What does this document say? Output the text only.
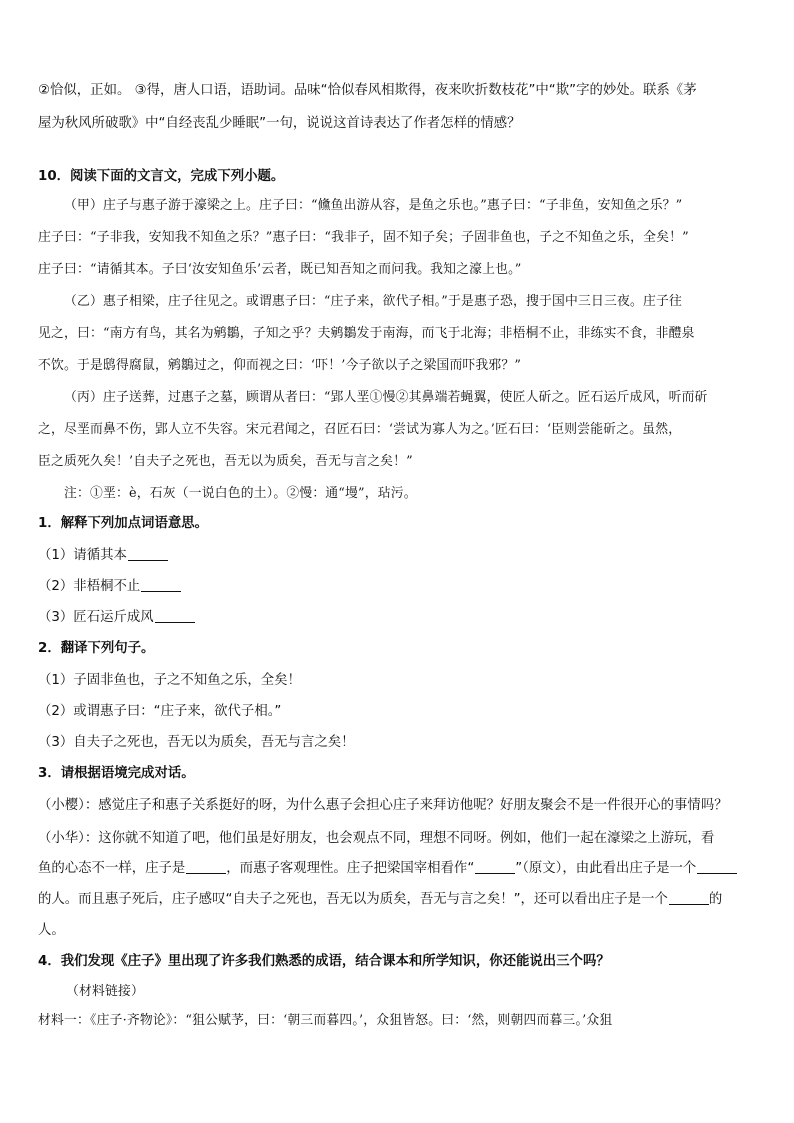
②恰似，正如。 ③得，唐人口语，语助词。品味“恰似春风相欺得，夜来吹折数枝花”中“欺”字的妙处。联系《茅
屋为秋风所破歌》中“自经丧乱少睡眠”一句，说说这首诗表达了作者怎样的情感？
10．阅读下面的文言文，完成下列小题。
（甲）庄子与惠子游于濠梁之上。庄子曰：“儵鱼出游从容，是鱼之乐也。”惠子曰：“子非鱼，安知鱼之乐？”
庄子曰：“子非我，安知我不知鱼之乐？”惠子曰：“我非子，固不知子矣；子固非鱼也，子之不知鱼之乐，全矣！”
庄子曰：“请循其本。子曰‘汝安知鱼乐’云者，既已知吾知之而问我。我知之濠上也。”
（乙）惠子相梁，庄子往见之。或谓惠子曰：“庄子来，欲代子相。”于是惠子恐，搜于国中三日三夜。庄子往
见之，曰：“南方有鸟，其名为鹓鶵，子知之乎？夫鹓鶵发于南海，而飞于北海；非梧桐不止，非练实不食，非醴泉
不饮。于是鸱得腐鼠，鹓鶵过之，仰而视之曰：‘吓！’今子欲以子之梁国而吓我邪？”
（丙）庄子送葬，过惠子之墓，顾谓从者曰：“郢人垩①慢②其鼻端若蝇翼，使匠人斫之。匠石运斤成风，听而斫
之，尽垩而鼻不伤，郢人立不失容。宋元君闻之，召匠石曰：‘尝试为寡人为之。’匠石曰：‘臣则尝能斫之。虽然，
臣之质死久矣！’自夫子之死也，吾无以为质矣，吾无与言之矣！”
注：①垩：è，石灰（一说白色的土）。②慢：通“墁”，玷污。
1．解释下列加点词语意思。
（1）请循其本
（2）非梧桐不止
（3）匠石运斤成风
2．翻译下列句子。
（1）子固非鱼也，子之不知鱼之乐，全矣！
（2）或谓惠子曰：“庄子来，欲代子相。”
（3）自夫子之死也，吾无以为质矣，吾无与言之矣！
3．请根据语境完成对话。
（小樱）：感觉庄子和惠子关系挺好的呀，为什么惠子会担心庄子来拜访他呢？好朋友聚会不是一件很开心的事情吗？
（小华）：这你就不知道了吧，他们虽是好朋友，也会观点不同，理想不同呀。例如，他们一起在濠梁之上游玩，看
鱼的心态不一样，庄子是	，而惠子客观理性。庄子把梁国宰相看作“	”（原文），由此看出庄子是一个
的人。而且惠子死后，庄子感叹“自夫子之死也，吾无以为质矣，吾无与言之矣！”，还可以看出庄子是一个	的
人。
4．我们发现《庄子》里出现了许多我们熟悉的成语，结合课本和所学知识，你还能说出三个吗？
（材料链接）
材料一：《庄子·齐物论》：“狙公赋芧，曰：‘朝三而暮四。’，众狙皆怒。曰：‘然，则朝四而暮三。’众狙
